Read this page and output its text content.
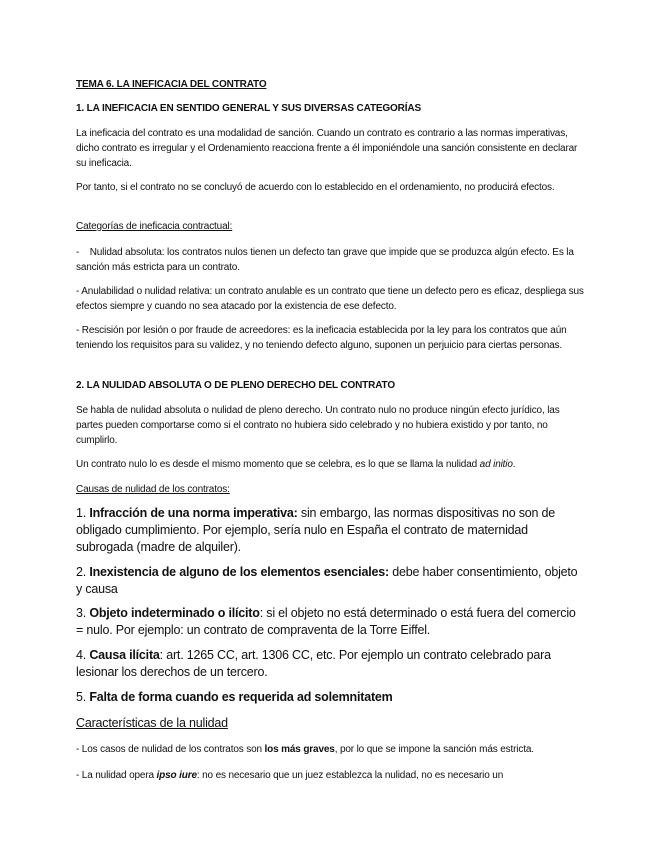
TEMA 6. LA INEFICACIA DEL CONTRATO

1. LA INEFICACIA EN SENTIDO GENERAL Y SUS DIVERSAS CATEGORÍAS

La ineficacia del contrato es una modalidad de sanción. Cuando un contrato es contrario a las normas imperativas, dicho contrato es irregular y el Ordenamiento reacciona frente a él imponiéndole una sanción consistente en declarar su ineficacia.

Por tanto, si el contrato no se concluyó de acuerdo con lo establecido en el ordenamiento, no producirá efectos.

Categorías de ineficacia contractual:

-    Nulidad absoluta: los contratos nulos tienen un defecto tan grave que impide que se produzca algún efecto. Es la sanción más estricta para un contrato.

- Anulabilidad o nulidad relativa: un contrato anulable es un contrato que tiene un defecto pero es eficaz, despliega sus efectos siempre y cuando no sea atacado por la existencia de ese defecto.

- Rescisión por lesión o por fraude de acreedores: es la ineficacia establecida por la ley para los contratos que aún teniendo los requisitos para su validez, y no teniendo defecto alguno, suponen un perjuicio para ciertas personas.

2. LA NULIDAD ABSOLUTA O DE PLENO DERECHO DEL CONTRATO

Se habla de nulidad absoluta o nulidad de pleno derecho. Un contrato nulo no produce ningún efecto jurídico, las partes pueden comportarse como si el contrato no hubiera sido celebrado y no hubiera existido y por tanto, no cumplirlo.

Un contrato nulo lo es desde el mismo momento que se celebra, es lo que se llama la nulidad ad initio.

Causas de nulidad de los contratos:

1. Infracción de una norma imperativa: sin embargo, las normas dispositivas no son de obligado cumplimiento. Por ejemplo, sería nulo en España el contrato de maternidad subrogada (madre de alquiler).

2. Inexistencia de alguno de los elementos esenciales: debe haber consentimiento, objeto y causa

3. Objeto indeterminado o ilícito: si el objeto no está determinado o está fuera del comercio = nulo. Por ejemplo: un contrato de compraventa de la Torre Eiffel.

4. Causa ilícita: art. 1265 CC, art. 1306 CC, etc. Por ejemplo un contrato celebrado para lesionar los derechos de un tercero.

5. Falta de forma cuando es requerida ad solemnitatem

Características de la nulidad

- Los casos de nulidad de los contratos son los más graves, por lo que se impone la sanción más estricta.

- La nulidad opera ipso iure: no es necesario que un juez establezca la nulidad, no es necesario un
